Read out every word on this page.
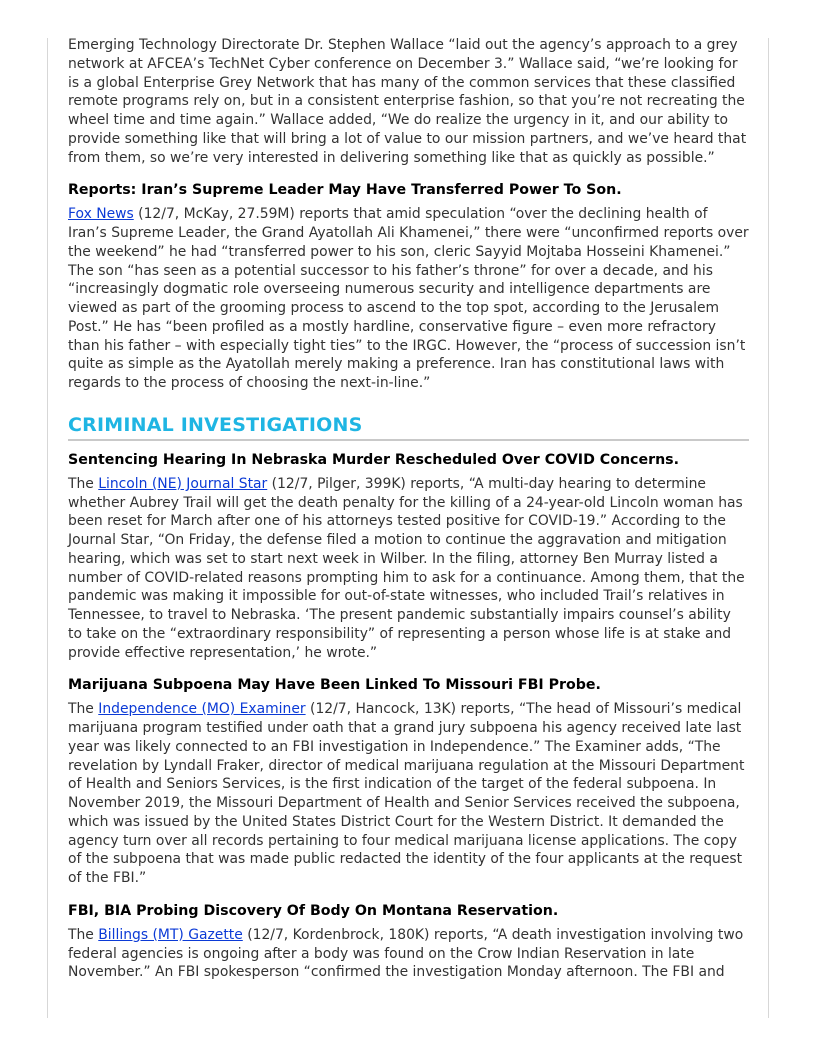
Emerging Technology Directorate Dr. Stephen Wallace “laid out the agency’s approach to a grey network at AFCEA’s TechNet Cyber conference on December 3.” Wallace said, “we’re looking for is a global Enterprise Grey Network that has many of the common services that these classified remote programs rely on, but in a consistent enterprise fashion, so that you’re not recreating the wheel time and time again.” Wallace added, “We do realize the urgency in it, and our ability to provide something like that will bring a lot of value to our mission partners, and we’ve heard that from them, so we’re very interested in delivering something like that as quickly as possible.”

Reports: Iran’s Supreme Leader May Have Transferred Power To Son.

Fox News (12/7, McKay, 27.59M) reports that amid speculation “over the declining health of Iran’s Supreme Leader, the Grand Ayatollah Ali Khamenei,” there were “unconfirmed reports over the weekend” he had “transferred power to his son, cleric Sayyid Mojtaba Hosseini Khamenei.” The son “has seen as a potential successor to his father’s throne” for over a decade, and his “increasingly dogmatic role overseeing numerous security and intelligence departments are viewed as part of the grooming process to ascend to the top spot, according to the Jerusalem Post.” He has “been profiled as a mostly hardline, conservative figure – even more refractory than his father – with especially tight ties” to the IRGC. However, the “process of succession isn’t quite as simple as the Ayatollah merely making a preference. Iran has constitutional laws with regards to the process of choosing the next-in-line.”

CRIMINAL INVESTIGATIONS
Sentencing Hearing In Nebraska Murder Rescheduled Over COVID Concerns.

The Lincoln (NE) Journal Star (12/7, Pilger, 399K) reports, “A multi-day hearing to determine whether Aubrey Trail will get the death penalty for the killing of a 24-year-old Lincoln woman has been reset for March after one of his attorneys tested positive for COVID-19.” According to the Journal Star, “On Friday, the defense filed a motion to continue the aggravation and mitigation hearing, which was set to start next week in Wilber. In the filing, attorney Ben Murray listed a number of COVID-related reasons prompting him to ask for a continuance. Among them, that the pandemic was making it impossible for out-of-state witnesses, who included Trail’s relatives in Tennessee, to travel to Nebraska. ‘The present pandemic substantially impairs counsel’s ability to take on the “extraordinary responsibility” of representing a person whose life is at stake and provide effective representation,’ he wrote.”

Marijuana Subpoena May Have Been Linked To Missouri FBI Probe.

The Independence (MO) Examiner (12/7, Hancock, 13K) reports, “The head of Missouri’s medical marijuana program testified under oath that a grand jury subpoena his agency received late last year was likely connected to an FBI investigation in Independence.” The Examiner adds, “The revelation by Lyndall Fraker, director of medical marijuana regulation at the Missouri Department of Health and Seniors Services, is the first indication of the target of the federal subpoena. In November 2019, the Missouri Department of Health and Senior Services received the subpoena, which was issued by the United States District Court for the Western District. It demanded the agency turn over all records pertaining to four medical marijuana license applications. The copy of the subpoena that was made public redacted the identity of the four applicants at the request of the FBI.”

FBI, BIA Probing Discovery Of Body On Montana Reservation.

The Billings (MT) Gazette (12/7, Kordenbrock, 180K) reports, “A death investigation involving two federal agencies is ongoing after a body was found on the Crow Indian Reservation in late November.” An FBI spokesperson “confirmed the investigation Monday afternoon. The FBI and
